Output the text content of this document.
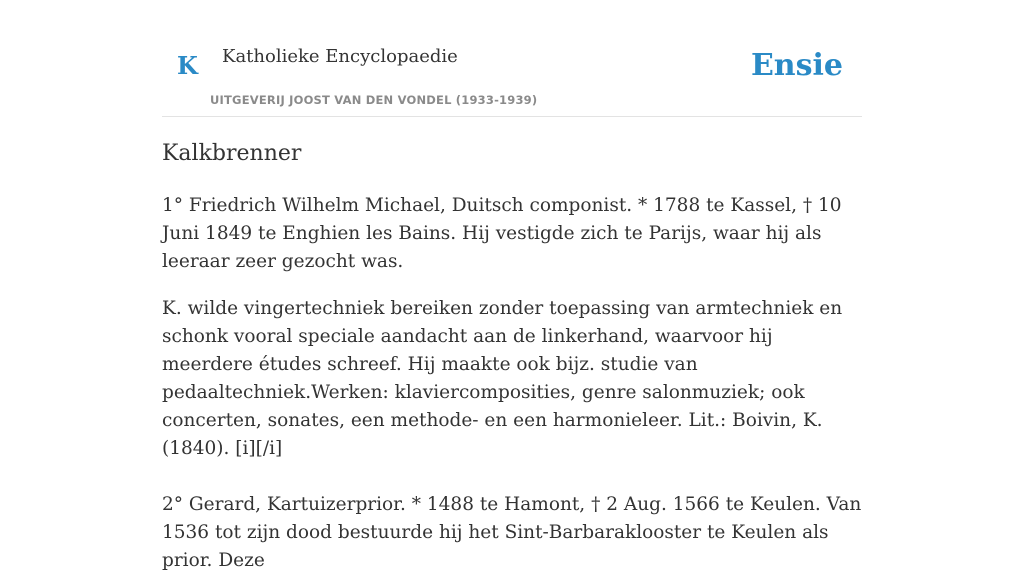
K Katholieke Encyclopaedie
UITGEVERIJ JOOST VAN DEN VONDEL (1933-1939)
Ensie
Kalkbrenner

1° Friedrich Wilhelm Michael, Duitsch componist. * 1788 te Kassel, † 10 Juni 1849 te Enghien les Bains. Hij vestigde zich te Parijs, waar hij als leeraar zeer gezocht was.

K. wilde vingertechniek bereiken zonder toepassing van armtechniek en schonk vooral speciale aandacht aan de linkerhand, waarvoor hij meerdere études schreef. Hij maakte ook bijz. studie van pedaaltechniek.Werken: klaviercomposities, genre salonmuziek; ook concerten, sonates, een methode- en een harmonieleer. Lit.: Boivin, K. (1840). [i][/i]

2° Gerard, Kartuizerprior. * 1488 te Hamont, † 2 Aug. 1566 te Keulen. Van 1536 tot zijn dood bestuurde hij het Sint-Barbaraklooster te Keulen als prior. Deze
